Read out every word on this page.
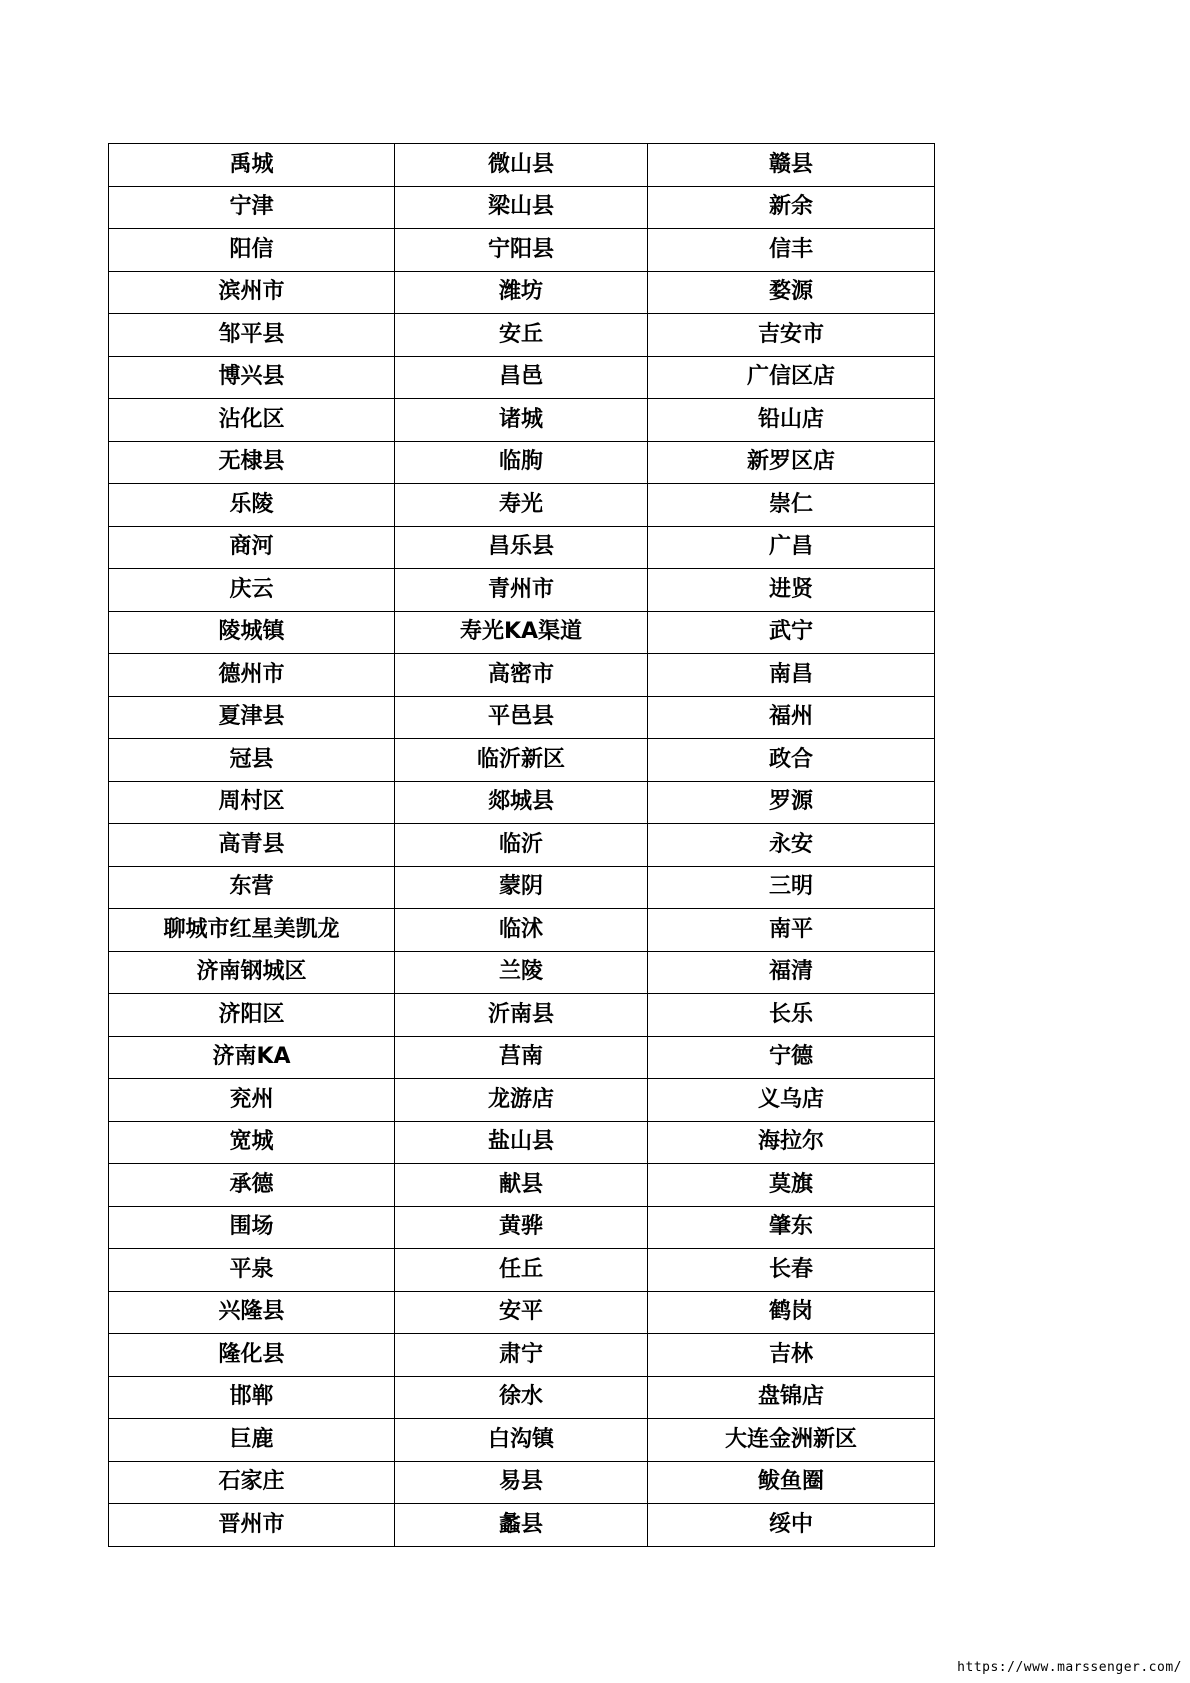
禹城	微山县	赣县
宁津	梁山县	新余
阳信	宁阳县	信丰
滨州市	潍坊	婺源
邹平县	安丘	吉安市
博兴县	昌邑	广信区店
沾化区	诸城	铅山店
无棣县	临朐	新罗区店
乐陵	寿光	崇仁
商河	昌乐县	广昌
庆云	青州市	进贤
陵城镇	寿光KA渠道	武宁
德州市	高密市	南昌
夏津县	平邑县	福州
冠县	临沂新区	政合
周村区	郯城县	罗源
高青县	临沂	永安
东营	蒙阴	三明
聊城市红星美凯龙	临沭	南平
济南钢城区	兰陵	福清
济阳区	沂南县	长乐
济南KA	莒南	宁德
兖州	龙游店	义乌店
宽城	盐山县	海拉尔
承德	献县	莫旗
围场	黄骅	肇东
平泉	任丘	长春
兴隆县	安平	鹤岗
隆化县	肃宁	吉林
邯郸	徐水	盘锦店
巨鹿	白沟镇	大连金洲新区
石家庄	易县	鲅鱼圈
晋州市	蠡县	绥中
https://www.marssenger.com/
